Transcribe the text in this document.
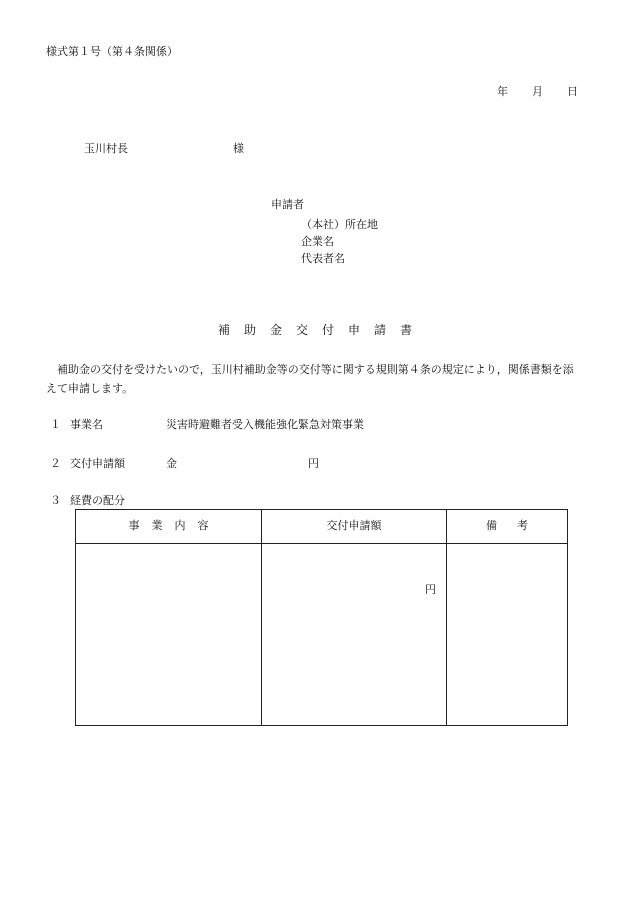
様式第１号（第４条関係）
年 月 日
玉川村長	様
申請者
（本社）所在地
企業名
代表者名
補助金交付申請書
補助金の交付を受けたいので，玉川村補助金等の交付等に関する規則第４条の規定により，関係書類を添えて申請します。
１ 事業名	災害時避難者受入機能強化緊急対策事業
２ 交付申請額	金	円
３ 経費の配分
事業内容	交付申請額	備考

	円	
